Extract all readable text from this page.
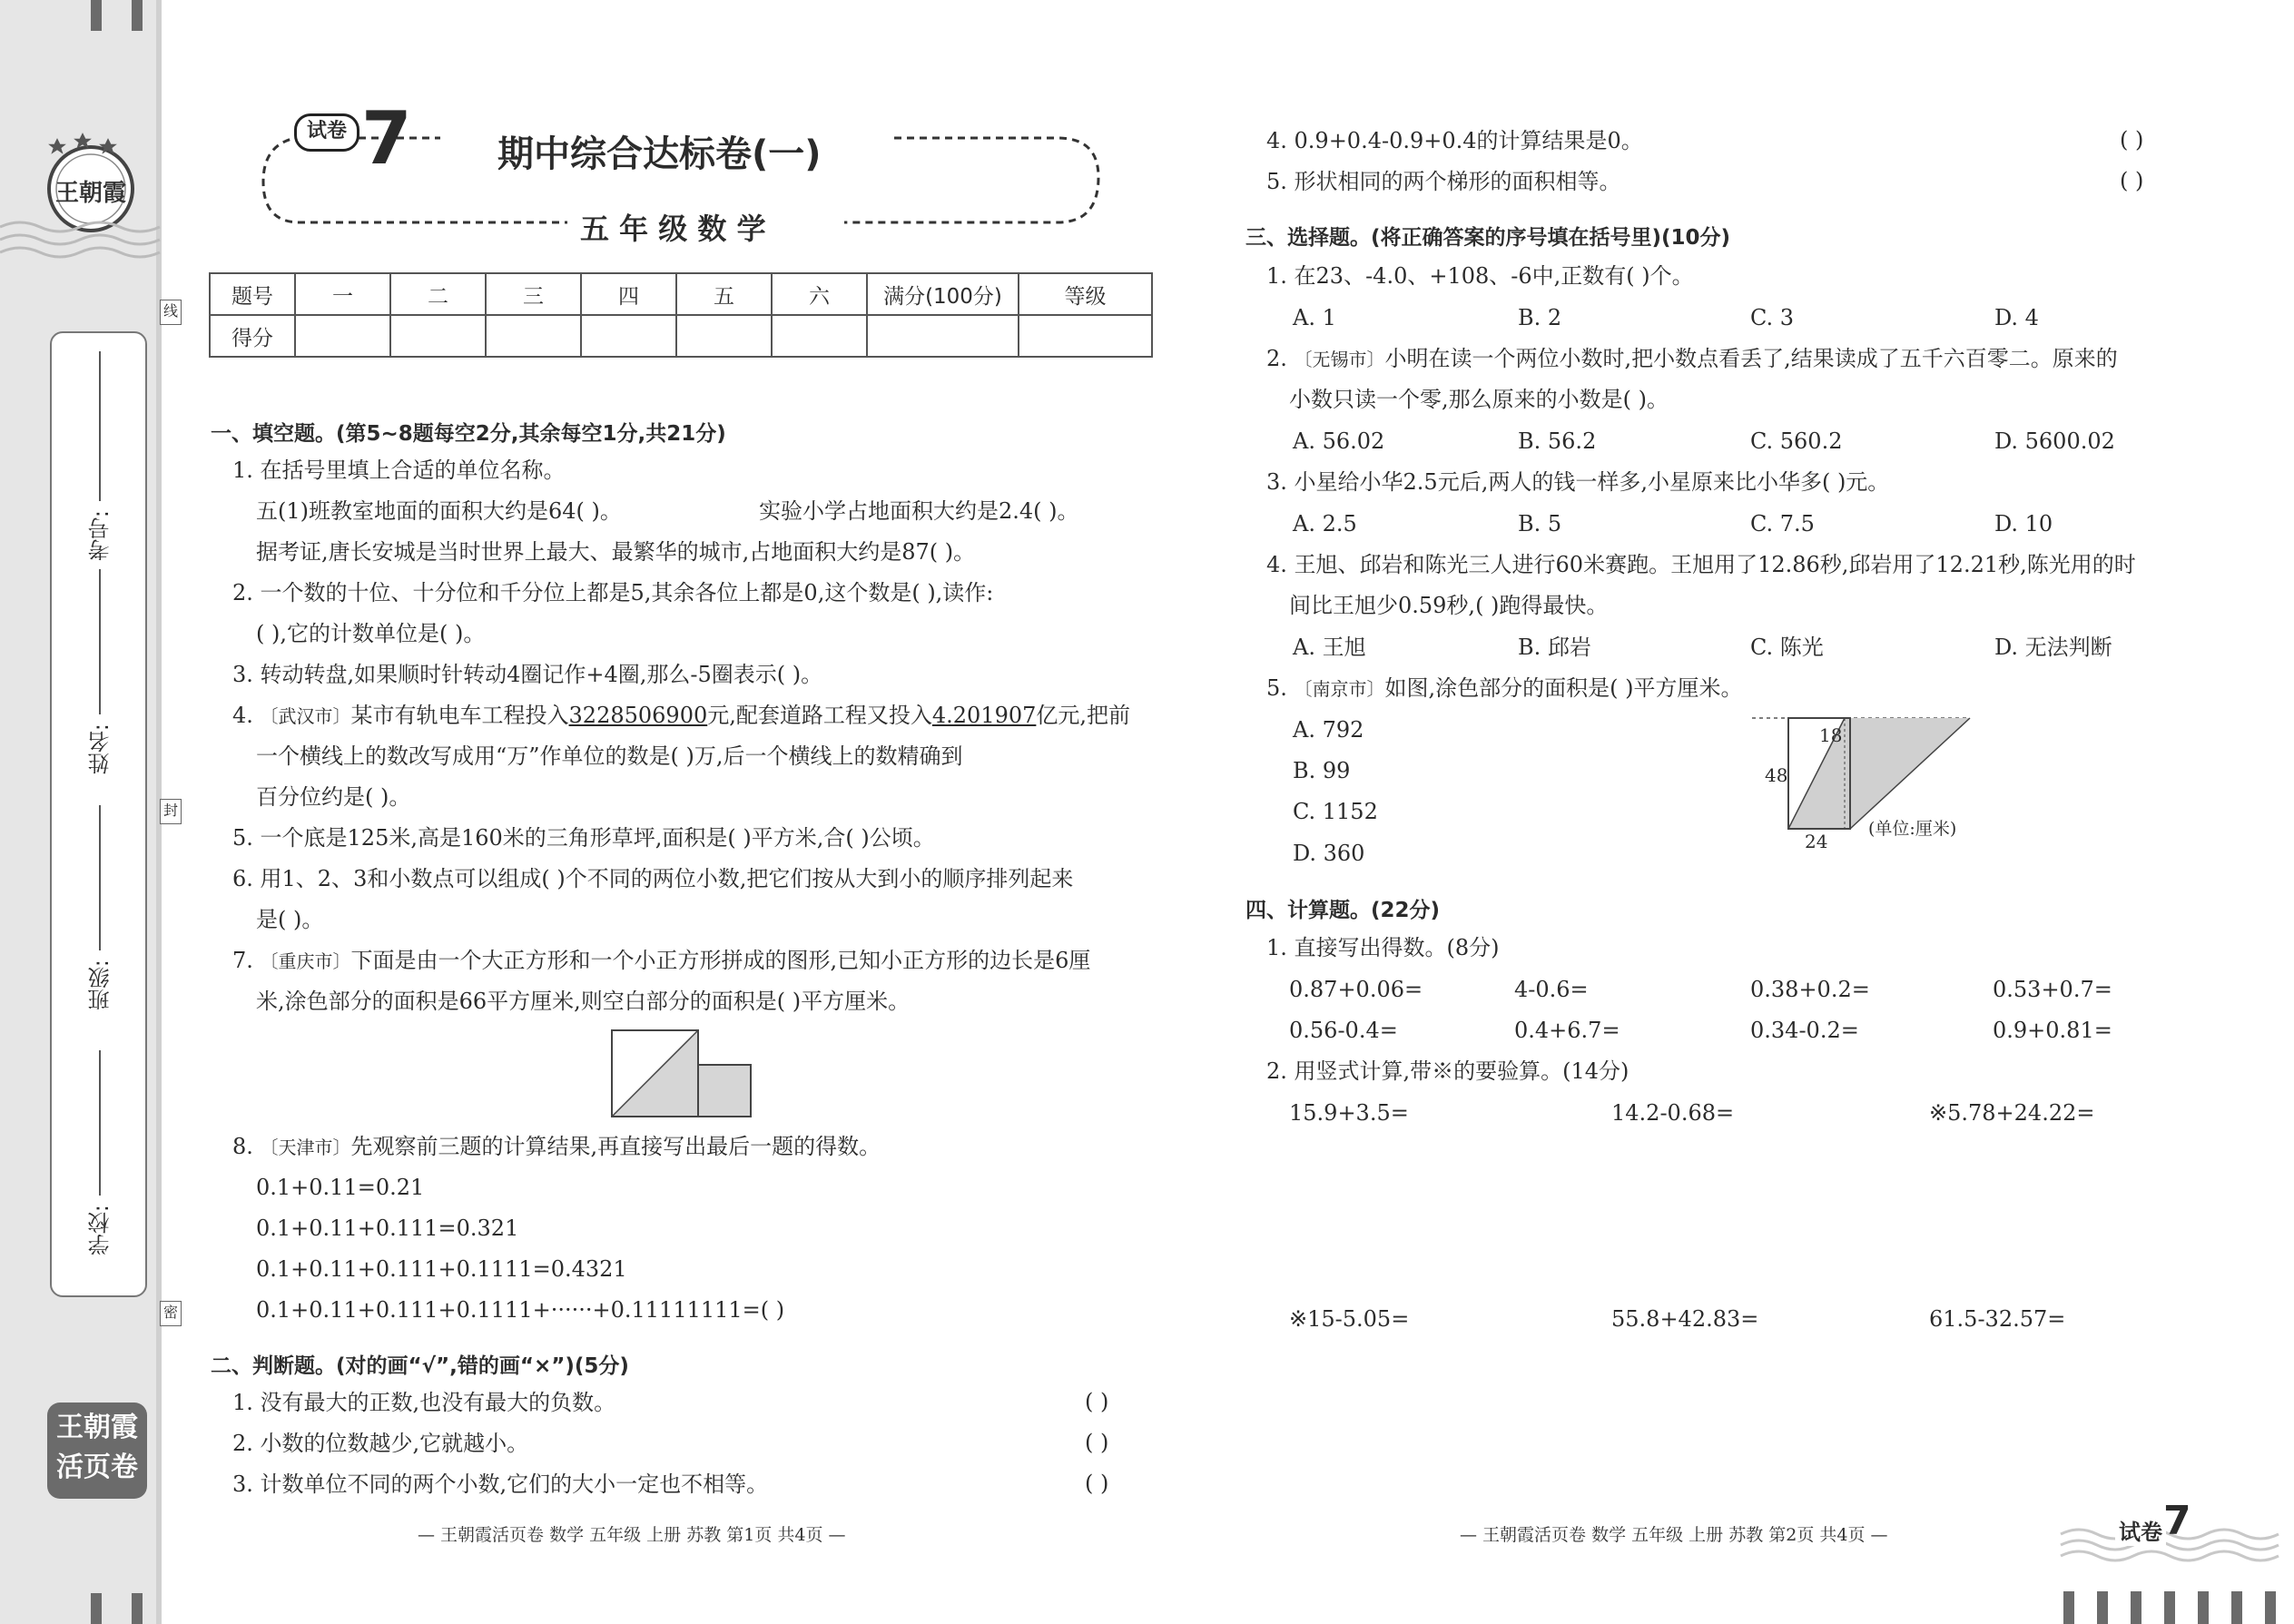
王朝霞
线
封
密
考号:
姓名:
班级:
学校:
王朝霞
活页卷
试卷 7 期中综合达标卷(一)
五 年 级 数 学
题号	一	二	三	四	五	六	满分(100分)	等级
得分								
一、填空题。(第5~8题每空2分,其余每空1分,共21分)
1. 在括号里填上合适的单位名称。
五(1)班教室地面的面积大约是64( )。	实验小学占地面积大约是2.4( )。
据考证,唐长安城是当时世界上最大、最繁华的城市,占地面积大约是87( )。
2. 一个数的十位、十分位和千分位上都是5,其余各位上都是0,这个数是( ),读作:
( ),它的计数单位是( )。
3. 转动转盘,如果顺时针转动4圈记作+4圈,那么-5圈表示( )。
4. 〔武汉市〕某市有轨电车工程投入3228506900元,配套道路工程又投入4.201907亿元,把前
一个横线上的数改写成用“万”作单位的数是( )万,后一个横线上的数精确到
百分位约是( )。
5. 一个底是125米,高是160米的三角形草坪,面积是( )平方米,合( )公顷。
6. 用1、2、3和小数点可以组成( )个不同的两位小数,把它们按从大到小的顺序排列起来
是( )。
7. 〔重庆市〕下面是由一个大正方形和一个小正方形拼成的图形,已知小正方形的边长是6厘
米,涂色部分的面积是66平方厘米,则空白部分的面积是( )平方厘米。
8. 〔天津市〕先观察前三题的计算结果,再直接写出最后一题的得数。
0.1+0.11=0.21
0.1+0.11+0.111=0.321
0.1+0.11+0.111+0.1111=0.4321
0.1+0.11+0.111+0.1111+······+0.11111111=( )
二、判断题。(对的画“√”,错的画“×”)(5分)
1. 没有最大的正数,也没有最大的负数。	( )
2. 小数的位数越少,它就越小。	( )
3. 计数单位不同的两个小数,它们的大小一定也不相等。	( )
— 王朝霞活页卷 数学 五年级 上册 苏教 第1页 共4页 —
4. 0.9+0.4-0.9+0.4的计算结果是0。	( )
5. 形状相同的两个梯形的面积相等。	( )
三、选择题。(将正确答案的序号填在括号里)(10分)
1. 在23、-4.0、+108、-6中,正数有( )个。
A. 1	B. 2	C. 3	D. 4
2. 〔无锡市〕小明在读一个两位小数时,把小数点看丢了,结果读成了五千六百零二。原来的
小数只读一个零,那么原来的小数是( )。
A. 56.02	B. 56.2	C. 560.2	D. 5600.02
3. 小星给小华2.5元后,两人的钱一样多,小星原来比小华多( )元。
A. 2.5	B. 5	C. 7.5	D. 10
4. 王旭、邱岩和陈光三人进行60米赛跑。王旭用了12.86秒,邱岩用了12.21秒,陈光用的时
间比王旭少0.59秒,( )跑得最快。
A. 王旭	B. 邱岩	C. 陈光	D. 无法判断
5. 〔南京市〕如图,涂色部分的面积是( )平方厘米。
A. 792
B. 99
C. 1152
D. 360
18
48
24
(单位:厘米)
四、计算题。(22分)
1. 直接写出得数。(8分)
0.87+0.06=	4-0.6=	0.38+0.2=	0.53+0.7=
0.56-0.4=	0.4+6.7=	0.34-0.2=	0.9+0.81=
2. 用竖式计算,带※的要验算。(14分)
15.9+3.5=	14.2-0.68=	※5.78+24.22=
※15-5.05=	55.8+42.83=	61.5-32.57=
— 王朝霞活页卷 数学 五年级 上册 苏教 第2页 共4页 —	试卷 7
